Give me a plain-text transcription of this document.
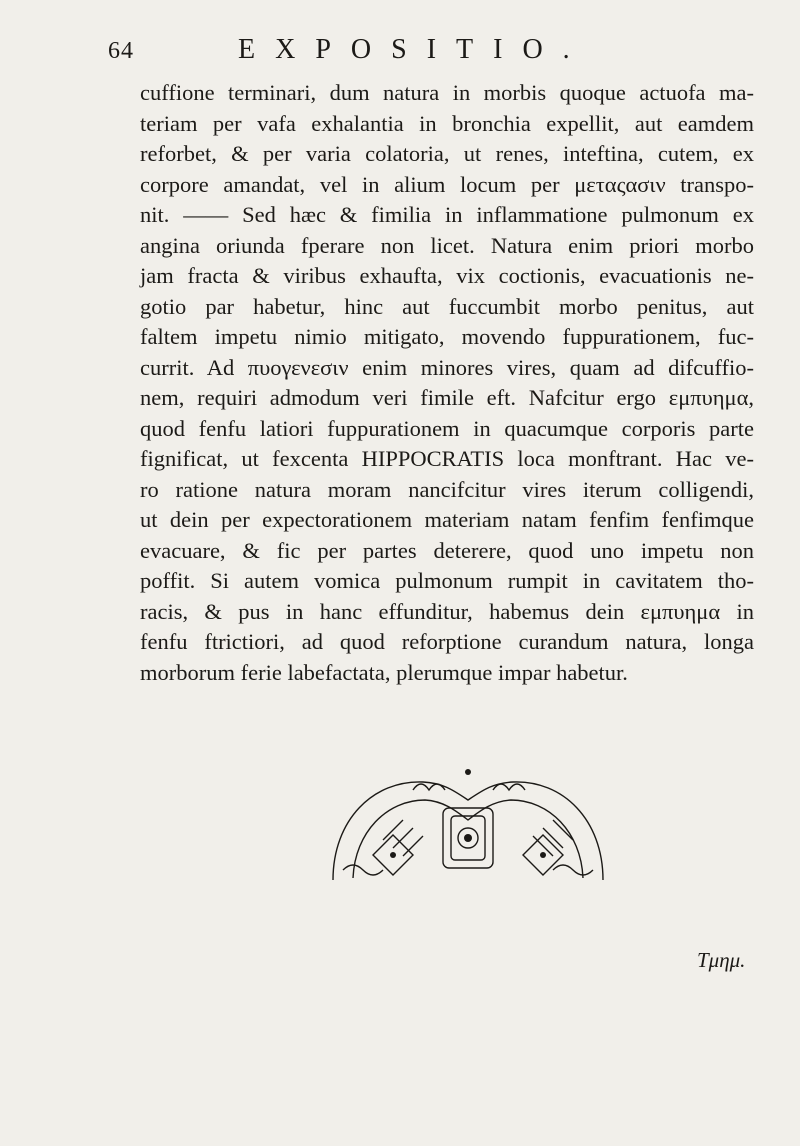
64	EXPOSITIO.
cuffione terminari, dum natura in morbis quoque actuofa ma-
teriam per vafa exhalantia in bronchia expellit, aut eamdem
reforbet, & per varia colatoria, ut renes, inteftina, cutem, ex
corpore amandat, vel in alium locum per μεταςασιν transpo-
nit. —— Sed hæc & fimilia in inflammatione pulmonum ex
angina oriunda fperare non licet. Natura enim priori morbo
jam fracta & viribus exhaufta, vix coctionis, evacuationis ne-
gotio par habetur, hinc aut fuccumbit morbo penitus, aut
faltem impetu nimio mitigato, movendo fuppurationem, fuc-
currit. Ad πυογενεσιν enim minores vires, quam ad difcuffio-
nem, requiri admodum veri fimile eft. Nafcitur ergo εμπυημα,
quod fenfu latiori fuppurationem in quacumque corporis parte
fignificat, ut fexcenta HIPPOCRATIS loca monftrant. Hac ve-
ro ratione natura moram nancifcitur vires iterum colligendi,
ut dein per expectorationem materiam natam fenfim fenfimque
evacuare, & fic per partes deterere, quod uno impetu non
poffit. Si autem vomica pulmonum rumpit in cavitatem tho-
racis, & pus in hanc effunditur, habemus dein εμπυημα in
fenfu ftrictiori, ad quod reforptione curandum natura, longa
morborum ferie labefactata, plerumque impar habetur.
Tμημ.
